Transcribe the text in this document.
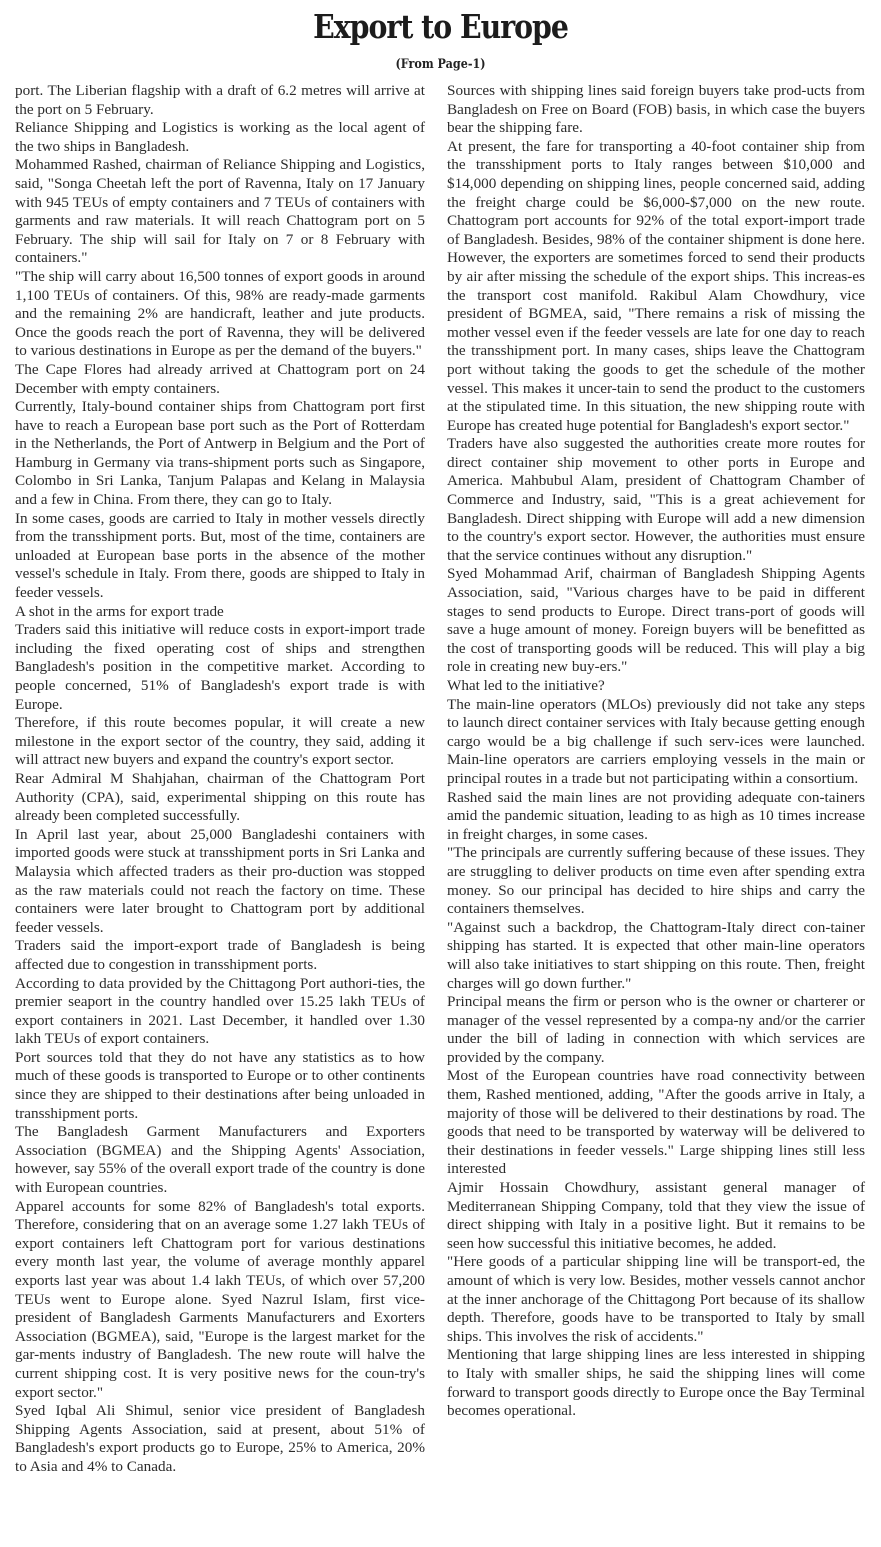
Export to Europe
(From Page-1)

port. The Liberian flagship with a draft of 6.2 metres will arrive at the port on 5 February.

Reliance Shipping and Logistics is working as the local agent of the two ships in Bangladesh.

Mohammed Rashed, chairman of Reliance Shipping and Logistics, said, "Songa Cheetah left the port of Ravenna, Italy on 17 January with 945 TEUs of empty containers and 7 TEUs of containers with garments and raw materials. It will reach Chattogram port on 5 February. The ship will sail for Italy on 7 or 8 February with containers."

"The ship will carry about 16,500 tonnes of export goods in around 1,100 TEUs of containers. Of this, 98% are ready-made garments and the remaining 2% are handicraft, leather and jute products. Once the goods reach the port of Ravenna, they will be delivered to various destinations in Europe as per the demand of the buyers."

The Cape Flores had already arrived at Chattogram port on 24 December with empty containers.

Currently, Italy-bound container ships from Chattogram port first have to reach a European base port such as the Port of Rotterdam in the Netherlands, the Port of Antwerp in Belgium and the Port of Hamburg in Germany via trans-shipment ports such as Singapore, Colombo in Sri Lanka, Tanjum Palapas and Kelang in Malaysia and a few in China. From there, they can go to Italy.

In some cases, goods are carried to Italy in mother vessels directly from the transshipment ports. But, most of the time, containers are unloaded at European base ports in the absence of the mother vessel's schedule in Italy. From there, goods are shipped to Italy in feeder vessels.

A shot in the arms for export trade

Traders said this initiative will reduce costs in export-import trade including the fixed operating cost of ships and strengthen Bangladesh's position in the competitive market. According to people concerned, 51% of Bangladesh's export trade is with Europe.

Therefore, if this route becomes popular, it will create a new milestone in the export sector of the country, they said, adding it will attract new buyers and expand the country's export sector.

Rear Admiral M Shahjahan, chairman of the Chattogram Port Authority (CPA), said, experimental shipping on this route has already been completed successfully.

In April last year, about 25,000 Bangladeshi containers with imported goods were stuck at transshipment ports in Sri Lanka and Malaysia which affected traders as their pro-duction was stopped as the raw materials could not reach the factory on time. These containers were later brought to Chattogram port by additional feeder vessels.

Traders said the import-export trade of Bangladesh is being affected due to congestion in transshipment ports.

According to data provided by the Chittagong Port authori-ties, the premier seaport in the country handled over 15.25 lakh TEUs of export containers in 2021. Last December, it handled over 1.30 lakh TEUs of export containers.

Port sources told that they do not have any statistics as to how much of these goods is transported to Europe or to other continents since they are shipped to their destinations after being unloaded in transshipment ports.

The Bangladesh Garment Manufacturers and Exporters Association (BGMEA) and the Shipping Agents' Association, however, say 55% of the overall export trade of the country is done with European countries.

Apparel accounts for some 82% of Bangladesh's total exports. Therefore, considering that on an average some 1.27 lakh TEUs of export containers left Chattogram port for various destinations every month last year, the volume of average monthly apparel exports last year was about 1.4 lakh TEUs, of which over 57,200 TEUs went to Europe alone. Syed Nazrul Islam, first vice-president of Bangladesh Garments Manufacturers and Exorters Association (BGMEA), said, "Europe is the largest market for the gar-ments industry of Bangladesh. The new route will halve the current shipping cost. It is very positive news for the coun-try's export sector."

Syed Iqbal Ali Shimul, senior vice president of Bangladesh Shipping Agents Association, said at present, about 51% of Bangladesh's export products go to Europe, 25% to America, 20% to Asia and 4% to Canada.

Sources with shipping lines said foreign buyers take prod-ucts from Bangladesh on Free on Board (FOB) basis, in which case the buyers bear the shipping fare.

At present, the fare for transporting a 40-foot container ship from the transshipment ports to Italy ranges between $10,000 and $14,000 depending on shipping lines, people concerned said, adding the freight charge could be $6,000-$7,000 on the new route. Chattogram port accounts for 92% of the total export-import trade of Bangladesh. Besides, 98% of the container shipment is done here. However, the exporters are sometimes forced to send their products by air after missing the schedule of the export ships. This increas-es the transport cost manifold. Rakibul Alam Chowdhury, vice president of BGMEA, said, "There remains a risk of missing the mother vessel even if the feeder vessels are late for one day to reach the transshipment port. In many cases, ships leave the Chattogram port without taking the goods to get the schedule of the mother vessel. This makes it uncer-tain to send the product to the customers at the stipulated time. In this situation, the new shipping route with Europe has created huge potential for Bangladesh's export sector."

Traders have also suggested the authorities create more routes for direct container ship movement to other ports in Europe and America. Mahbubul Alam, president of Chattogram Chamber of Commerce and Industry, said, "This is a great achievement for Bangladesh. Direct shipping with Europe will add a new dimension to the country's export sector. However, the authorities must ensure that the service continues without any disruption."

Syed Mohammad Arif, chairman of Bangladesh Shipping Agents Association, said, "Various charges have to be paid in different stages to send products to Europe. Direct trans-port of goods will save a huge amount of money. Foreign buyers will be benefitted as the cost of transporting goods will be reduced. This will play a big role in creating new buy-ers."

What led to the initiative?

The main-line operators (MLOs) previously did not take any steps to launch direct container services with Italy because getting enough cargo would be a big challenge if such serv-ices were launched. Main-line operators are carriers employing vessels in the main or principal routes in a trade but not participating within a consortium.

Rashed said the main lines are not providing adequate con-tainers amid the pandemic situation, leading to as high as 10 times increase in freight charges, in some cases.

"The principals are currently suffering because of these issues. They are struggling to deliver products on time even after spending extra money. So our principal has decided to hire ships and carry the containers themselves.

"Against such a backdrop, the Chattogram-Italy direct con-tainer shipping has started. It is expected that other main-line operators will also take initiatives to start shipping on this route. Then, freight charges will go down further."

Principal means the firm or person who is the owner or charterer or manager of the vessel represented by a compa-ny and/or the carrier under the bill of lading in connection with which services are provided by the company.

Most of the European countries have road connectivity between them, Rashed mentioned, adding, "After the goods arrive in Italy, a majority of those will be delivered to their destinations by road. The goods that need to be transported by waterway will be delivered to their destinations in feeder vessels." Large shipping lines still less interested

Ajmir Hossain Chowdhury, assistant general manager of Mediterranean Shipping Company, told that they view the issue of direct shipping with Italy in a positive light. But it remains to be seen how successful this initiative becomes, he added.

"Here goods of a particular shipping line will be transport-ed, the amount of which is very low. Besides, mother vessels cannot anchor at the inner anchorage of the Chittagong Port because of its shallow depth. Therefore, goods have to be transported to Italy by small ships. This involves the risk of accidents."

Mentioning that large shipping lines are less interested in shipping to Italy with smaller ships, he said the shipping lines will come forward to transport goods directly to Europe once the Bay Terminal becomes operational.
